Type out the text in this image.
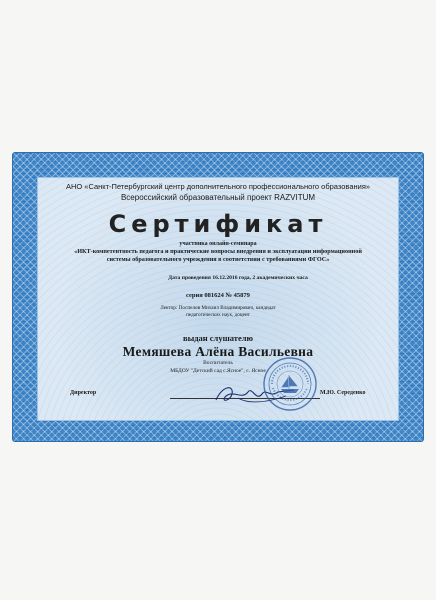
АНО «Санкт-Петербургский центр дополнительного профессионального образования»
Всероссийский образовательный проект RAZVITUM
Сертификат
участника онлайн-семинара
«ИКТ-компетентность педагога и практические вопросы внедрения и эксплуатации информационной системы образовательного учреждения в соответствии с требованиями ФГОС»
Дата проведения 16.12.2016 года, 2 академических часа
серия 081624 № 45879
Лектор: Поспелов Михаил Владимирович, кандидат педагогических наук, доцент
выдан слушателю
Мемяшева Алёна Васильевна
Воспитатель
МБДОУ "Детский сад с.Ясное", с. Ясное
Директор	М.Ю. Середенко
